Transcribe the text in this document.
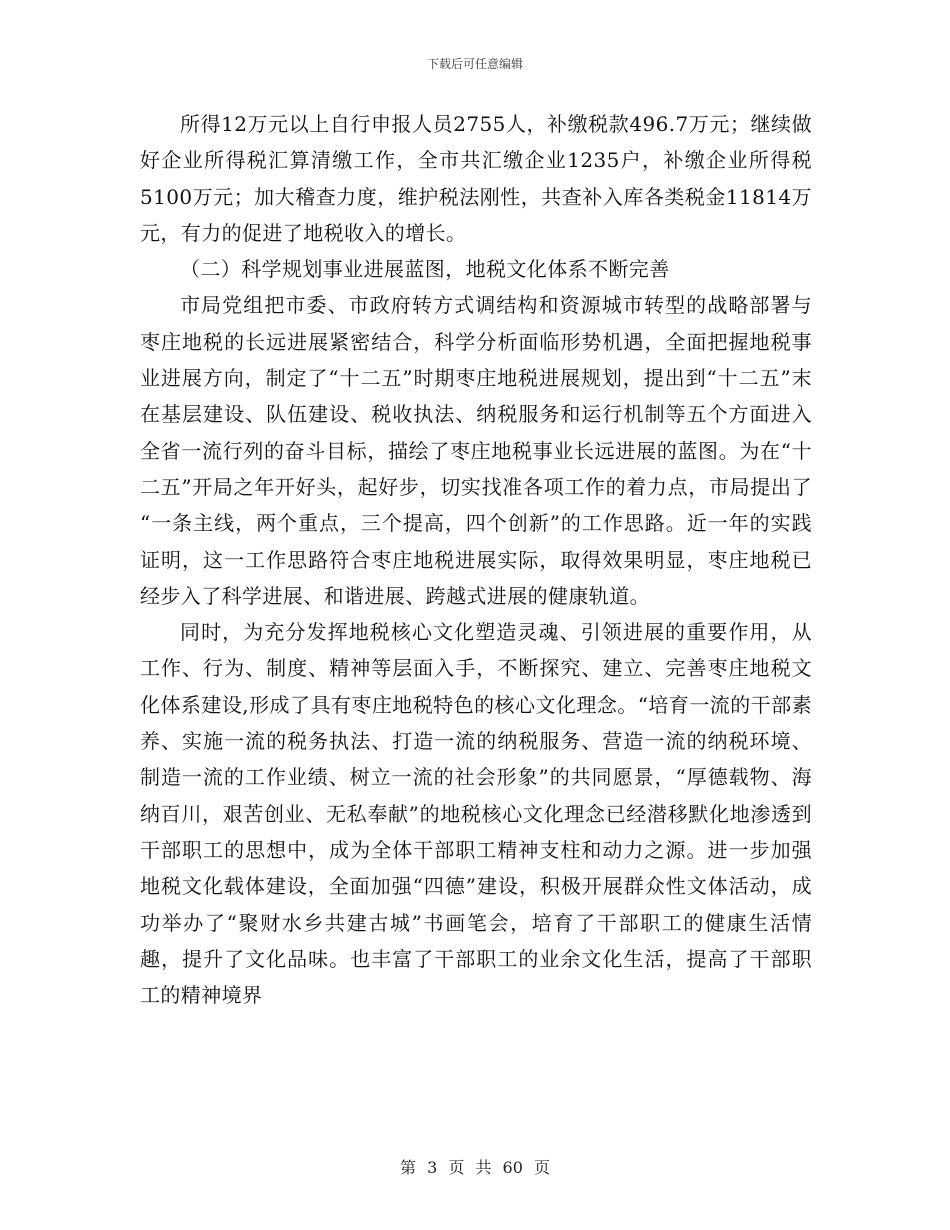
下载后可任意编辑

所得12万元以上自行申报人员2755人，补缴税款496.7万元；继续做好企业所得税汇算清缴工作，全市共汇缴企业1235户，补缴企业所得税5100万元；加大稽查力度，维护税法刚性，共查补入库各类税金11814万元，有力的促进了地税收入的增长。

（二）科学规划事业进展蓝图，地税文化体系不断完善

市局党组把市委、市政府转方式调结构和资源城市转型的战略部署与枣庄地税的长远进展紧密结合，科学分析面临形势机遇，全面把握地税事业进展方向，制定了“十二五”时期枣庄地税进展规划，提出到“十二五”末在基层建设、队伍建设、税收执法、纳税服务和运行机制等五个方面进入全省一流行列的奋斗目标，描绘了枣庄地税事业长远进展的蓝图。为在“十二五”开局之年开好头，起好步，切实找准各项工作的着力点，市局提出了 “一条主线，两个重点，三个提高，四个创新”的工作思路。近一年的实践证明，这一工作思路符合枣庄地税进展实际，取得效果明显，枣庄地税已经步入了科学进展、和谐进展、跨越式进展的健康轨道。

同时，为充分发挥地税核心文化塑造灵魂、引领进展的重要作用，从工作、行为、制度、精神等层面入手，不断探究、建立、完善枣庄地税文化体系建设,形成了具有枣庄地税特色的核心文化理念。“培育一流的干部素养、实施一流的税务执法、打造一流的纳税服务、营造一流的纳税环境、制造一流的工作业绩、树立一流的社会形象”的共同愿景，“厚德载物、海纳百川，艰苦创业、无私奉献”的地税核心文化理念已经潜移默化地渗透到干部职工的思想中，成为全体干部职工精神支柱和动力之源。进一步加强地税文化载体建设，全面加强“四德”建设，积极开展群众性文体活动，成功举办了“聚财水乡共建古城”书画笔会，培育了干部职工的健康生活情趣，提升了文化品味。也丰富了干部职工的业余文化生活，提高了干部职工的精神境界

第 3 页 共 60 页
